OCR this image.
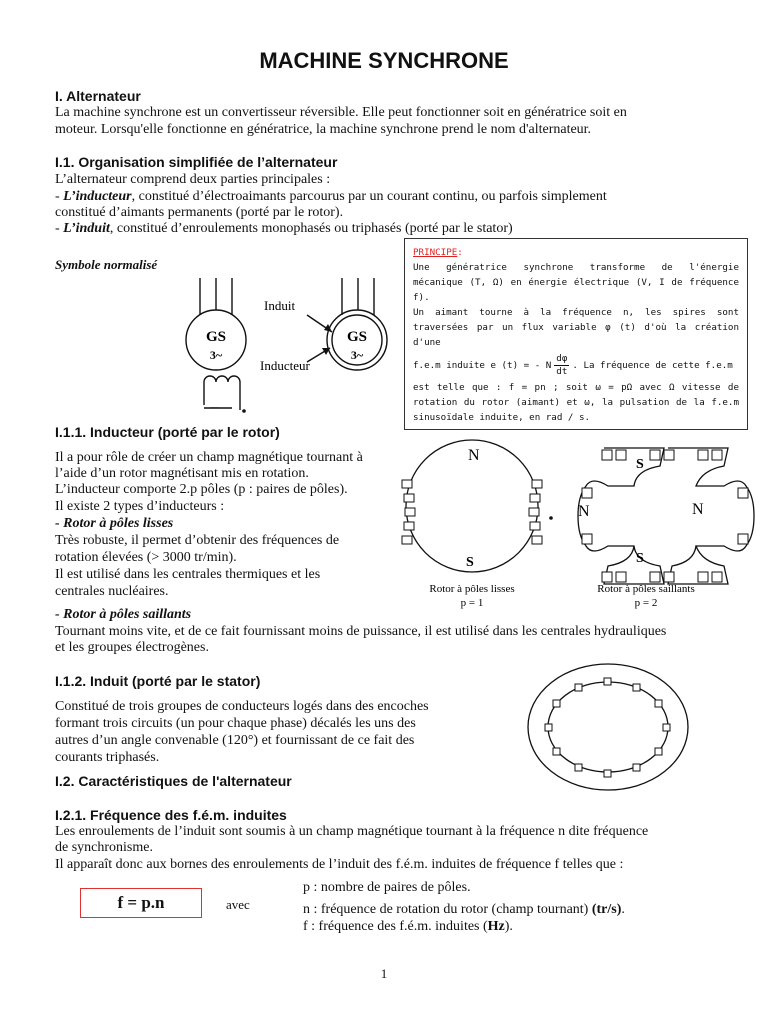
MACHINE SYNCHRONE
I. Alternateur
La machine synchrone est un convertisseur réversible. Elle peut fonctionner soit en génératrice soit en
moteur. Lorsqu'elle fonctionne en génératrice, la machine synchrone prend le nom d'alternateur.
I.1. Organisation simplifiée de l’alternateur
L’alternateur comprend deux parties principales :
- L’inducteur, constitué d’électroaimants parcourus par un courant continu, ou parfois simplement
constitué d’aimants permanents (porté par le rotor).
- L’induit, constitué d’enroulements monophasés ou triphasés (porté par le stator)
Symbole normalisé
GS
3~
GS
3~
Induit
Inducteur
---
PRINCIPE:
Une génératrice synchrone transforme de l'énergie
mécanique (T, Ω) en énergie électrique (V, I de fréquence
f).
Un aimant tourne à la fréquence n, les spires sont
traversées par un flux variable φ (t) d'où la création d'une
f.e.m induite e (t) = - N $\frac{d\varphi}{dt}$ . La fréquence de cette f.e.m
est telle que : f = pn ; soit ω = pΩ avec Ω vitesse de
rotation du rotor (aimant) et ω, la pulsation de la f.e.m
sinusoïdale induite, en rad / s.
I.1.1. Inducteur (porté par le rotor)
Il a pour rôle de créer un champ magnétique tournant à
l’aide d’un rotor magnétisant mis en rotation.
L’inducteur comporte 2.p pôles (p : paires de pôles).
Il existe 2 types d’inducteurs :
- Rotor à pôles lisses
Très robuste, il permet d’obtenir des fréquences de
rotation élevées (> 3000 tr/min).
Il est utilisé dans les centrales thermiques et les
centrales nucléaires.
- Rotor à pôles saillants
Tournant moins vite, et de ce fait fournissant moins de puissance, il est utilisé dans les centrales hydrauliques
et les groupes électrogènes.
N
S
Rotor à pôles lisses
p = 1
S
S
N	N
Rotor à pôles saillants
p = 2
I.1.2. Induit (porté par le stator)
Constitué de trois groupes de conducteurs logés dans des encoches
formant trois circuits (un pour chaque phase) décalés les uns des
autres d’un angle convenable (120°) et fournissant de ce fait des
courants triphasés.
I.2. Caractéristiques de l'alternateur
I.2.1. Fréquence des f.é.m. induites
Les enroulements de l’induit sont soumis à un champ magnétique tournant à la fréquence n dite fréquence
de synchronisme.
Il apparaît donc aux bornes des enroulements de l’induit des f.é.m. induites de fréquence f telles que :
f = p.n	avec
p : nombre de paires de pôles.
n : fréquence de rotation du rotor (champ tournant) (tr/s).
f : fréquence des f.é.m. induites (Hz).
1
